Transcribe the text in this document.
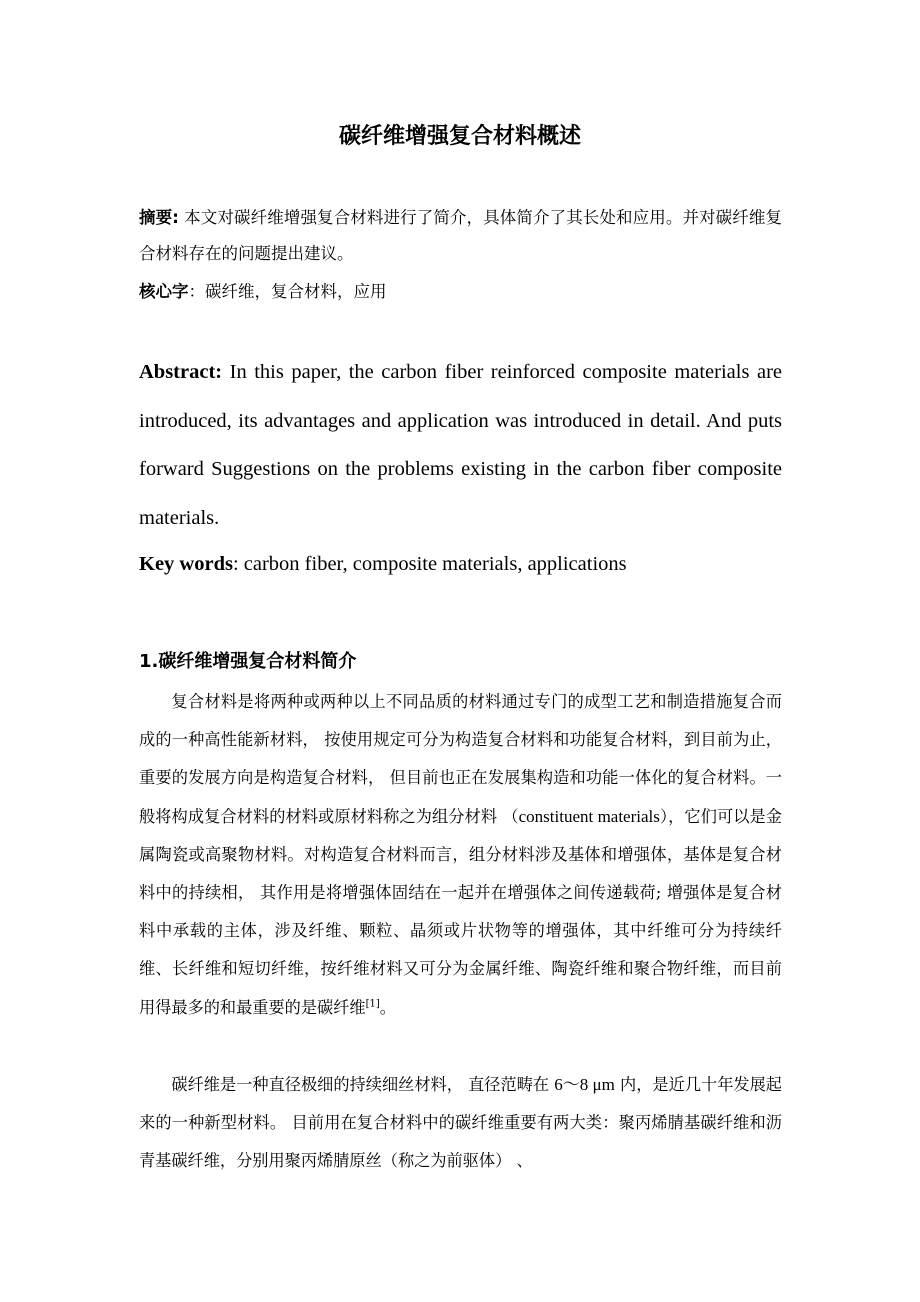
碳纤维增强复合材料概述

摘要: 本文对碳纤维增强复合材料进行了简介，具体简介了其长处和应用。并对碳纤维复合材料存在的问题提出建议。

核心字：碳纤维，复合材料，应用

Abstract: In this paper, the carbon fiber reinforced composite materials are introduced, its advantages and application was introduced in detail. And puts forward Suggestions on the problems existing in the carbon fiber composite materials.

Key words: carbon fiber, composite materials, applications

1.碳纤维增强复合材料简介

复合材料是将两种或两种以上不同品质的材料通过专门的成型工艺和制造措施复合而成的一种高性能新材料， 按使用规定可分为构造复合材料和功能复合材料，到目前为止，重要的发展方向是构造复合材料， 但目前也正在发展集构造和功能一体化的复合材料。一般将构成复合材料的材料或原材料称之为组分材料 （constituent materials），它们可以是金属陶瓷或高聚物材料。对构造复合材料而言，组分材料涉及基体和增强体，基体是复合材料中的持续相， 其作用是将增强体固结在一起并在增强体之间传递载荷; 增强体是复合材料中承载的主体，涉及纤维、颗粒、晶须或片状物等的增强体，其中纤维可分为持续纤维、长纤维和短切纤维，按纤维材料又可分为金属纤维、陶瓷纤维和聚合物纤维，而目前用得最多的和最重要的是碳纤维[1]。

碳纤维是一种直径极细的持续细丝材料， 直径范畴在 6～8 μm 内，是近几十年发展起来的一种新型材料。 目前用在复合材料中的碳纤维重要有两大类：聚丙烯腈基碳纤维和沥青基碳纤维，分别用聚丙烯腈原丝（称之为前驱体） 、
